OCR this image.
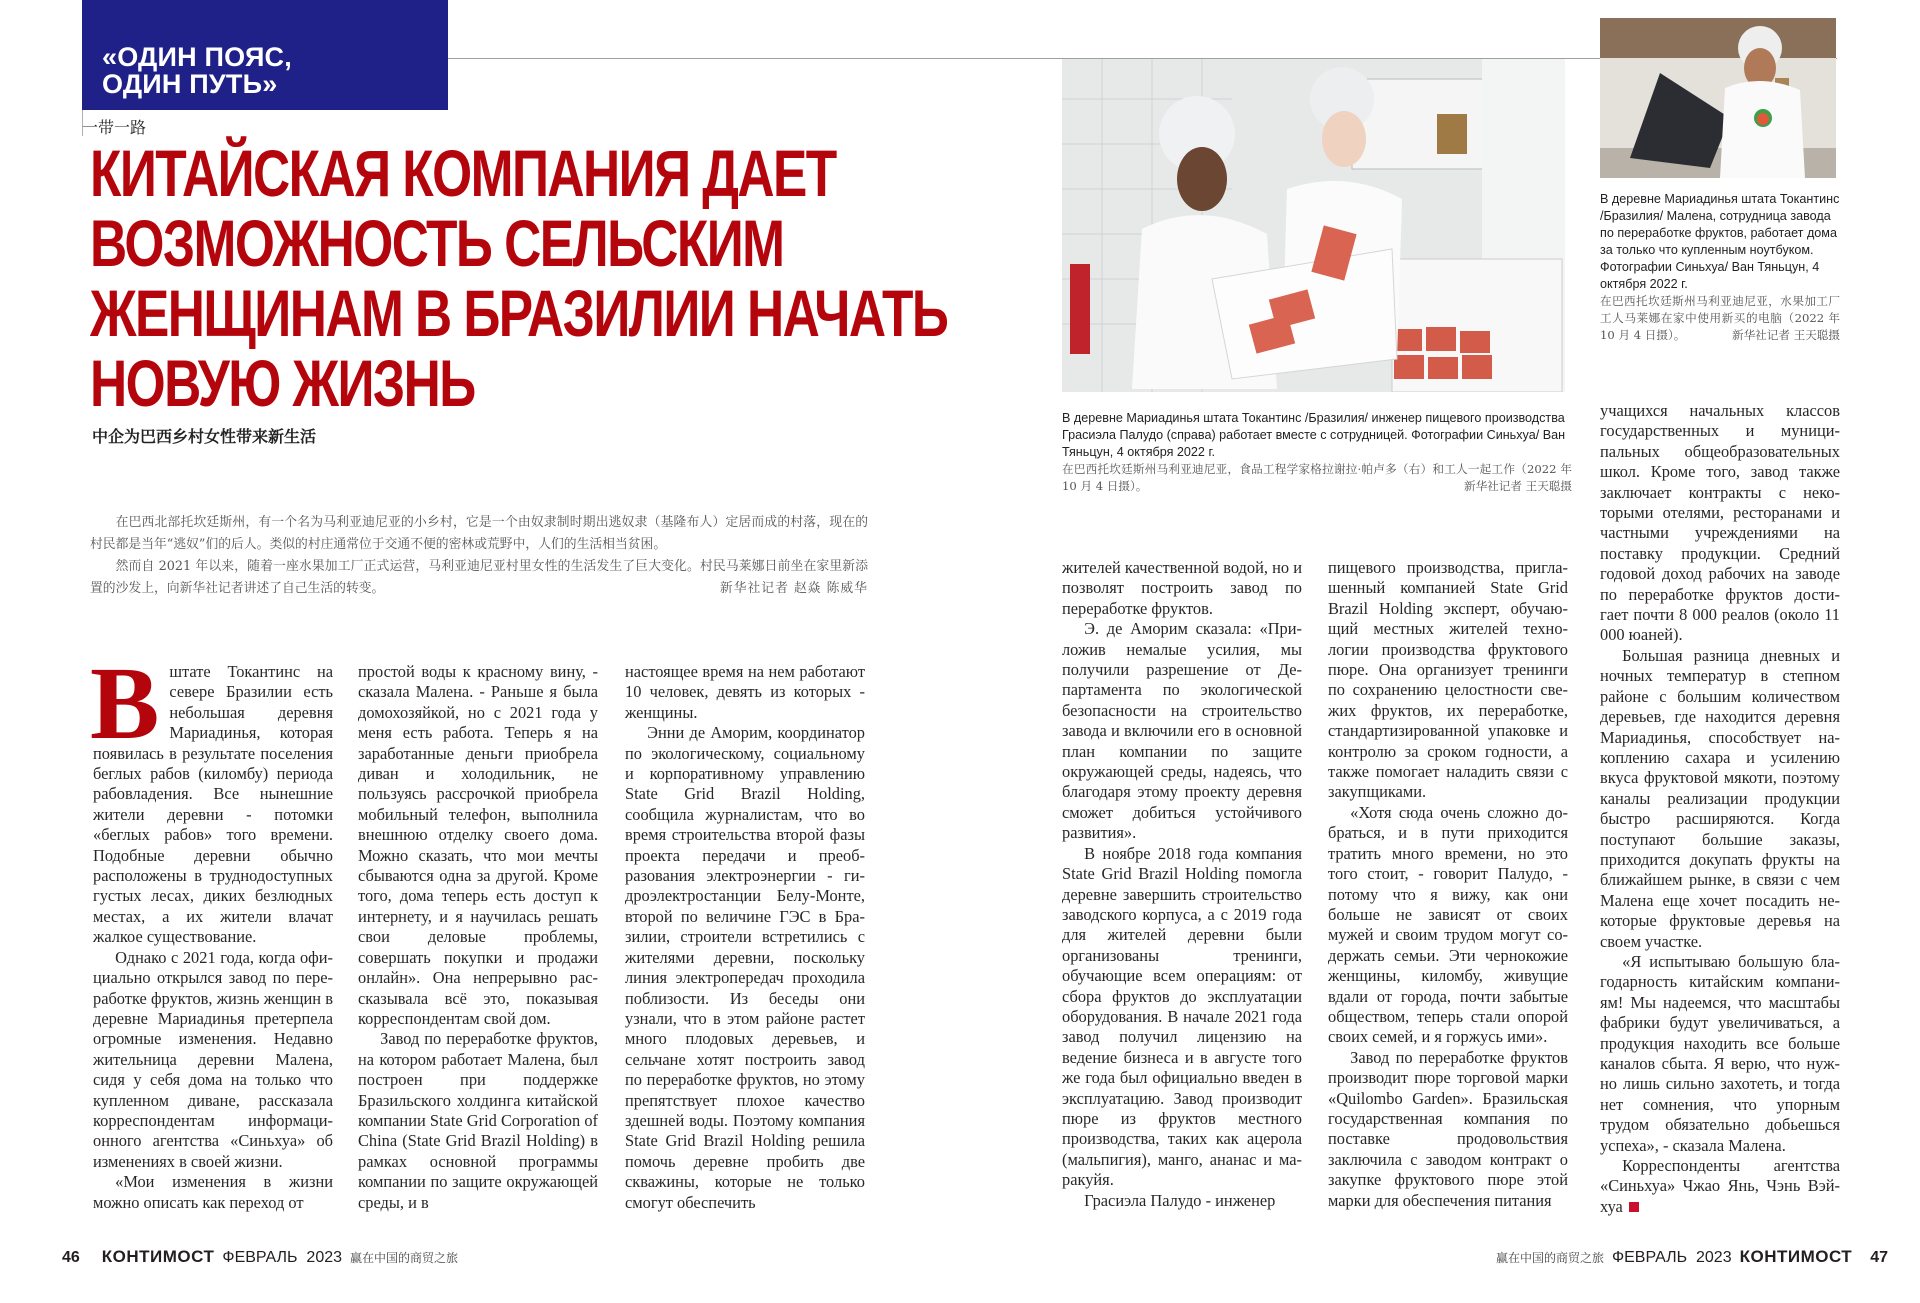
«ОДИН ПОЯС,
ОДИН ПУТЬ»
一带一路
КИТАЙСКАЯ КОМПАНИЯ ДАЕТ
ВОЗМОЖНОСТЬ СЕЛЬСКИМ
ЖЕНЩИНАМ В БРАЗИЛИИ НАЧАТЬ
НОВУЮ ЖИЗНЬ
中企为巴西乡村女性带来新生活

在巴西北部托坎廷斯州，有一个名为马利亚迪尼亚的小乡村，它是一个由奴隶制时期出逃奴隶（基隆布人）定居而成的村落，现在的村民都是当年“逃奴”们的后人。类似的村庄通常位于交通不便的密林或荒野中，人们的生活相当贫困。

然而自 2021 年以来，随着一座水果加工厂正式运营，马利亚迪尼亚村里女性的生活发生了巨大变化。村民马莱娜日前坐在家里新添置的沙发上，向新华社记者讲述了自己生活的转变。	新华社记者 赵焱 陈威华

Вштате Токантинс на севере Бразилии есть небольшая деревня Мариадинья, которая появилась в результате поселения беглых рабов (киломбу) периода рабовладения. Все нынешние жители деревни - потомки «беглых рабов» того времени. Подобные деревни обычно расположены в труднодоступных густых лесах, диких безлюдных местах, а их жители влачат жалкое существование.

Однако с 2021 года, когда официально открылся завод по переработке фруктов, жизнь женщин в деревне Мариадинья претерпела огромные изменения. Недавно жительница деревни Малена, сидя у себя дома на только что купленном диване, рассказала корреспондентам информационного агентства «Синьхуа» об изменениях в своей жизни.

«Мои изменения в жизни можно описать как переход от

простой воды к красному вину, - сказала Малена. - Раньше я была домохозяйкой, но с 2021 года у меня есть работа. Теперь я на заработанные деньги приобрела диван и холодильник, не пользуясь рассрочкой приобрела мобильный телефон, выполнила внешнюю отделку своего дома. Можно сказать, что мои мечты сбываются одна за другой. Кроме того, дома теперь есть доступ к интернету, и я научилась решать свои деловые проблемы, совершать покупки и продажи онлайн». Она непрерывно рассказывала всё это, показывая корреспондентам свой дом.

Завод по переработке фруктов, на котором работает Малена, был построен при поддержке Бразильского холдинга китайской компании State Grid Corporation of China (State Grid Brazil Holding) в рамках основной программы компании по защите окружающей среды, и в

настоящее время на нем работают 10 человек, девять из которых - женщины.

Энни де Аморим, координатор по экологическому, социальному и корпоративному управлению State Grid Brazil Holding, сообщила журналистам, что во время строительства второй фазы проекта передачи и преобразования электроэнергии - гидроэлектростанции Белу-Монте, второй по величине ГЭС в Бразилии, строители встретились с жителями деревни, поскольку линия электропередач проходила поблизости. Из беседы они узнали, что в этом районе растет много плодовых деревьев, и сельчане хотят построить завод по переработке фруктов, но этому препятствует плохое качество здешней воды. Поэтому компания State Grid Brazil Holding решила помочь деревне пробить две скважины, которые не только смогут обеспечить

жителей качественной водой, но и позволят построить завод по переработке фруктов.

Э. де Аморим сказала: «Приложив немалые усилия, мы получили разрешение от Департамента по экологической безопасности на строительство завода и включили его в основной план компании по защите окружающей среды, надеясь, что благодаря этому проекту деревня сможет добиться устойчивого развития».

В ноябре 2018 года компания State Grid Brazil Holding помогла деревне завершить строительство заводского корпуса, а с 2019 года для жителей деревни были организованы тренинги, обучающие всем операциям: от сбора фруктов до эксплуатации оборудования. В начале 2021 года завод получил лицензию на ведение бизнеса и в августе того же года был официально введен в эксплуатацию. Завод производит пюре из фруктов местного производства, таких как ацерола (мальпигия), манго, ананас и маракуйя.

Грасиэла Палудо - инженер

пищевого производства, приглашенный компанией State Grid Brazil Holding эксперт, обучающий местных жителей технологии производства фруктового пюре. Она организует тренинги по сохранению целостности свежих фруктов, их переработке, стандартизированной упаковке и контролю за сроком годности, а также помогает наладить связи с закупщиками.

«Хотя сюда очень сложно добраться, и в пути приходится тратить много времени, но это того стоит, - говорит Палудо, - потому что я вижу, как они больше не зависят от своих мужей и своим трудом могут содержать семьи. Эти чернокожие женщины, киломбу, живущие вдали от города, почти забытые обществом, теперь стали опорой своих семей, и я горжусь ими».

Завод по переработке фруктов производит пюре торговой марки «Quilombo Garden». Бразильская государственная компания по поставке продовольствия заключила с заводом контракт о закупке фруктового пюре этой марки для обеспечения питания

учащихся начальных классов государственных и муниципальных общеобразовательных школ. Кроме того, завод также заключает контракты с некоторыми отелями, ресторанами и частными учреждениями на поставку продукции. Средний годовой доход рабочих на заводе по переработке фруктов достигает почти 8 000 реалов (около 11 000 юаней).

Большая разница дневных и ночных температур в степном районе с большим количеством деревьев, где находится деревня Мариадинья, способствует накоплению сахара и усилению вкуса фруктовой мякоти, поэтому каналы реализации продукции быстро расширяются. Когда поступают большие заказы, приходится докупать фрукты на ближайшем рынке, в связи с чем Малена еще хочет посадить некоторые фруктовые деревья на своем участке.

«Я испытываю большую благодарность китайским компаниям! Мы надеемся, что масштабы фабрики будут увеличиваться, а продукция находить все больше каналов сбыта. Я верю, что нужно лишь сильно захотеть, и тогда нет сомнения, что упорным трудом обязательно добьешься успеха», - сказала Малена.

Корреспонденты агентства «Синьхуа» Чжао Янь, Чэнь Вэйхуа

В деревне Мариадинья штата Токантинс /Бразилия/ инженер пищевого производства Грасиэла Палудо (справа) работает вместе с сотрудницей. Фотографии Синьхуа/ Ван Тяньцун, 4 октября 2022 г.
在巴西托坎廷斯州马利亚迪尼亚，食品工程学家格拉谢拉·帕卢多（右）和工人一起工作（2022 年 10 月 4 日摄）。	新华社记者 王天聪摄
В деревне Мариадинья штата Токантинс /Бразилия/ Малена, сотрудница завода по переработке фруктов, работает дома за только что купленным ноутбуком. Фотографии Синьхуа/ Ван Тяньцун, 4 октября 2022 г.
在巴西托坎廷斯州马利亚迪尼亚，水果加工厂工人马莱娜在家中使用新买的电脑（2022 年 10 月 4 日摄）。	新华社记者 王天聪摄
46 КОНТИМОСТ ФЕВРАЛЬ  2023 赢在中国的商贸之旅	赢在中国的商贸之旅 ФЕВРАЛЬ  2023 КОНТИМОСТ 47
